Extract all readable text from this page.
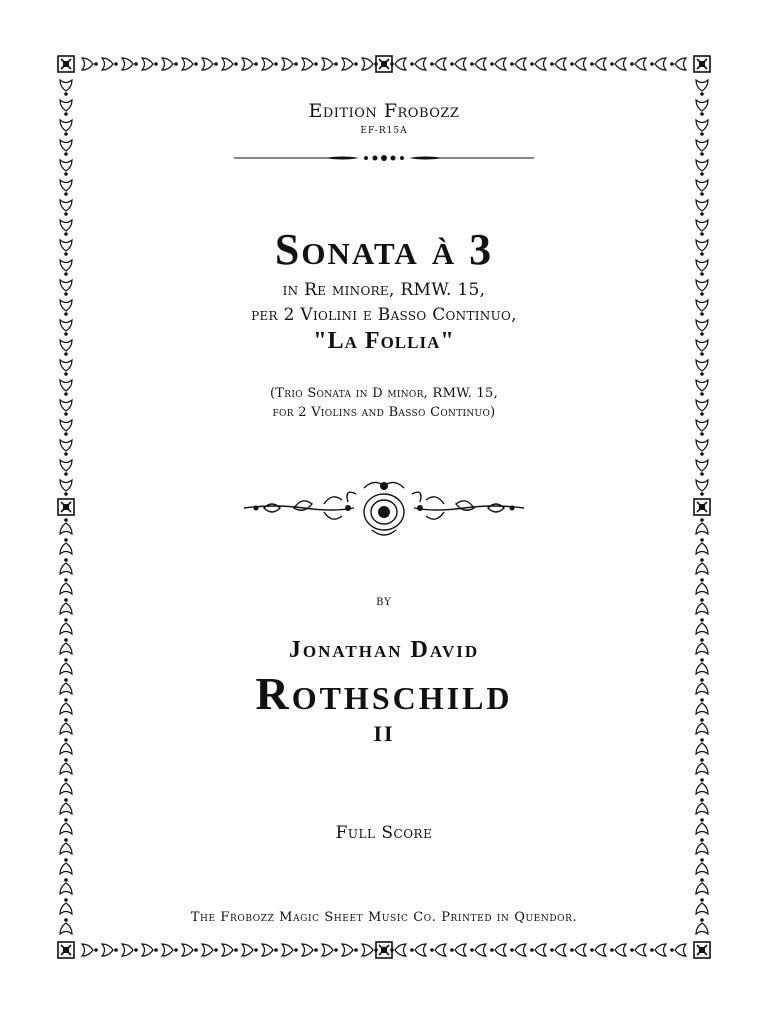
Edition Frobozz
EF-R15A
Sonata à 3
in Re minore, RMW. 15,
per 2 Violini e Basso Continuo,
"La Follia"
(Trio Sonata in D minor, RMW. 15,
for 2 Violins and Basso Continuo)
by
Jonathan David
Rothschild
II
Full Score
The Frobozz Magic Sheet Music Co. Printed in Quendor.
